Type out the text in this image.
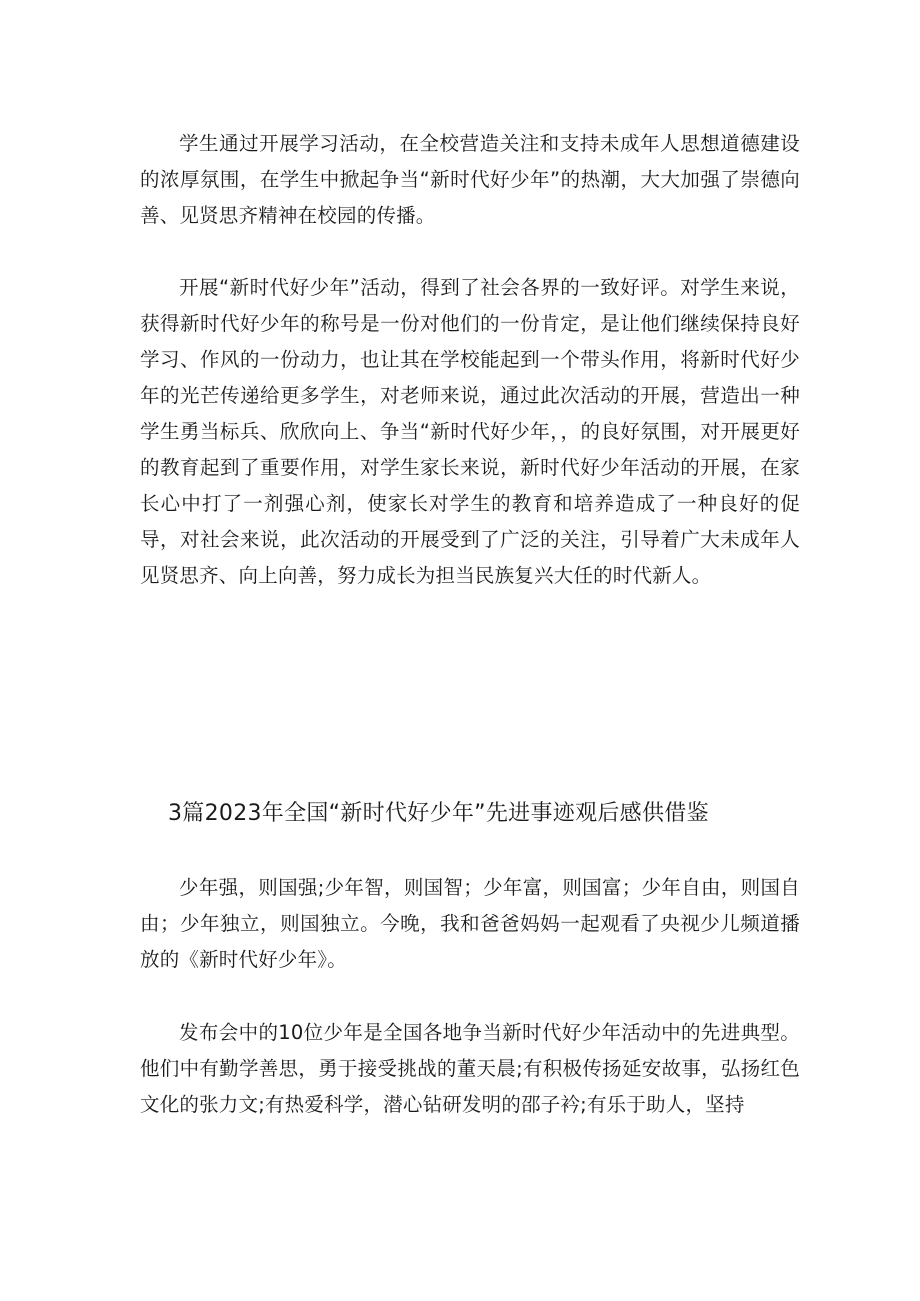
学生通过开展学习活动，在全校营造关注和支持未成年人思想道德建设的浓厚氛围，在学生中掀起争当“新时代好少年”的热潮，大大加强了崇德向善、见贤思齐精神在校园的传播。

开展“新时代好少年”活动，得到了社会各界的一致好评。对学生来说，获得新时代好少年的称号是一份对他们的一份肯定，是让他们继续保持良好学习、作风的一份动力，也让其在学校能起到一个带头作用，将新时代好少年的光芒传递给更多学生，对老师来说，通过此次活动的开展，营造出一种学生勇当标兵、欣欣向上、争当“新时代好少年，，的良好氛围，对开展更好的教育起到了重要作用，对学生家长来说，新时代好少年活动的开展，在家长心中打了一剂强心剂，使家长对学生的教育和培养造成了一种良好的促导，对社会来说，此次活动的开展受到了广泛的关注，引导着广大未成年人见贤思齐、向上向善，努力成长为担当民族复兴大任的时代新人。

3篇2023年全国“新时代好少年”先进事迹观后感供借鉴

少年强，则国强;少年智，则国智；少年富，则国富；少年自由，则国自由；少年独立，则国独立。今晚，我和爸爸妈妈一起观看了央视少儿频道播放的《新时代好少年》。

发布会中的10位少年是全国各地争当新时代好少年活动中的先进典型。他们中有勤学善思，勇于接受挑战的董天晨;有积极传扬延安故事，弘扬红色文化的张力文;有热爱科学，潜心钻研发明的邵子衿;有乐于助人，坚持
